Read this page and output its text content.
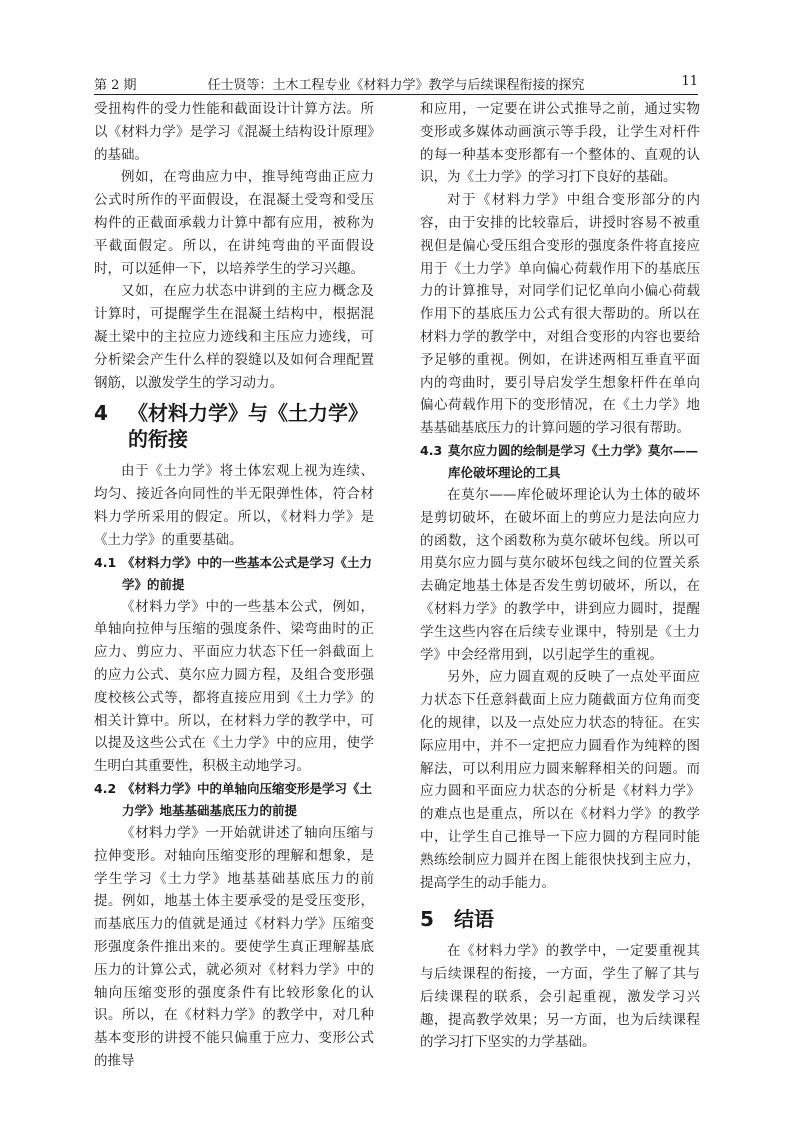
第 2 期	任士贤等：土木工程专业《材料力学》教学与后续课程衔接的探究	11

受扭构件的受力性能和截面设计计算方法。所以《材料力学》是学习《混凝土结构设计原理》的基础。

例如，在弯曲应力中，推导纯弯曲正应力公式时所作的平面假设，在混凝土受弯和受压构件的正截面承载力计算中都有应用，被称为平截面假定。所以，在讲纯弯曲的平面假设时，可以延伸一下，以培养学生的学习兴趣。

又如，在应力状态中讲到的主应力概念及计算时，可提醒学生在混凝土结构中，根据混凝土梁中的主拉应力迹线和主压应力迹线，可分析梁会产生什么样的裂缝以及如何合理配置钢筋，以激发学生的学习动力。

4	《材料力学》与《土力学》的衔接

由于《土力学》将土体宏观上视为连续、均匀、接近各向同性的半无限弹性体，符合材料力学所采用的假定。所以，《材料力学》是《土力学》的重要基础。

4.1 《材料力学》中的一些基本公式是学习《土力学》的前提

《材料力学》中的一些基本公式，例如，单轴向拉伸与压缩的强度条件、梁弯曲时的正应力、剪应力、平面应力状态下任一斜截面上的应力公式、莫尔应力圆方程，及组合变形强度校核公式等，都将直接应用到《土力学》的相关计算中。所以，在材料力学的教学中，可以提及这些公式在《土力学》中的应用，使学生明白其重要性，积极主动地学习。

4.2 《材料力学》中的单轴向压缩变形是学习《土力学》地基基础基底压力的前提

《材料力学》一开始就讲述了轴向压缩与拉伸变形。对轴向压缩变形的理解和想象，是学生学习《土力学》地基基础基底压力的前提。例如，地基土体主要承受的是受压变形，而基底压力的值就是通过《材料力学》压缩变形强度条件推出来的。要使学生真正理解基底压力的计算公式，就必须对《材料力学》中的轴向压缩变形的强度条件有比较形象化的认识。所以，在《材料力学》的教学中，对几种基本变形的讲授不能只偏重于应力、变形公式的推导

和应用，一定要在讲公式推导之前，通过实物变形或多媒体动画演示等手段，让学生对杆件的每一种基本变形都有一个整体的、直观的认识，为《土力学》的学习打下良好的基础。

对于《材料力学》中组合变形部分的内容，由于安排的比较靠后，讲授时容易不被重视但是偏心受压组合变形的强度条件将直接应用于《土力学》单向偏心荷载作用下的基底压力的计算推导，对同学们记忆单向小偏心荷载作用下的基底压力公式有很大帮助的。所以在材料力学的教学中，对组合变形的内容也要给予足够的重视。例如，在讲述两相互垂直平面内的弯曲时，要引导启发学生想象杆件在单向偏心荷载作用下的变形情况，在《土力学》地基基础基底压力的计算问题的学习很有帮助。

4.3 莫尔应力圆的绘制是学习《土力学》莫尔——库伦破坏理论的工具

在莫尔——库伦破坏理论认为土体的破坏是剪切破坏，在破坏面上的剪应力是法向应力的函数，这个函数称为莫尔破坏包线。所以可用莫尔应力圆与莫尔破坏包线之间的位置关系去确定地基土体是否发生剪切破坏，所以，在《材料力学》的教学中，讲到应力圆时，提醒学生这些内容在后续专业课中，特别是《土力学》中会经常用到，以引起学生的重视。

另外，应力圆直观的反映了一点处平面应力状态下任意斜截面上应力随截面方位角而变化的规律，以及一点处应力状态的特征。在实际应用中，并不一定把应力圆看作为纯粹的图解法，可以利用应力圆来解释相关的问题。而应力圆和平面应力状态的分析是《材料力学》的难点也是重点，所以在《材料力学》的教学中，让学生自己推导一下应力圆的方程同时能熟练绘制应力圆并在图上能很快找到主应力，提高学生的动手能力。

5	结语

在《材料力学》的教学中，一定要重视其与后续课程的衔接，一方面，学生了解了其与后续课程的联系，会引起重视，激发学习兴 趣，提高教学效果；另一方面，也为后续课程的学习打下坚实的力学基础。
